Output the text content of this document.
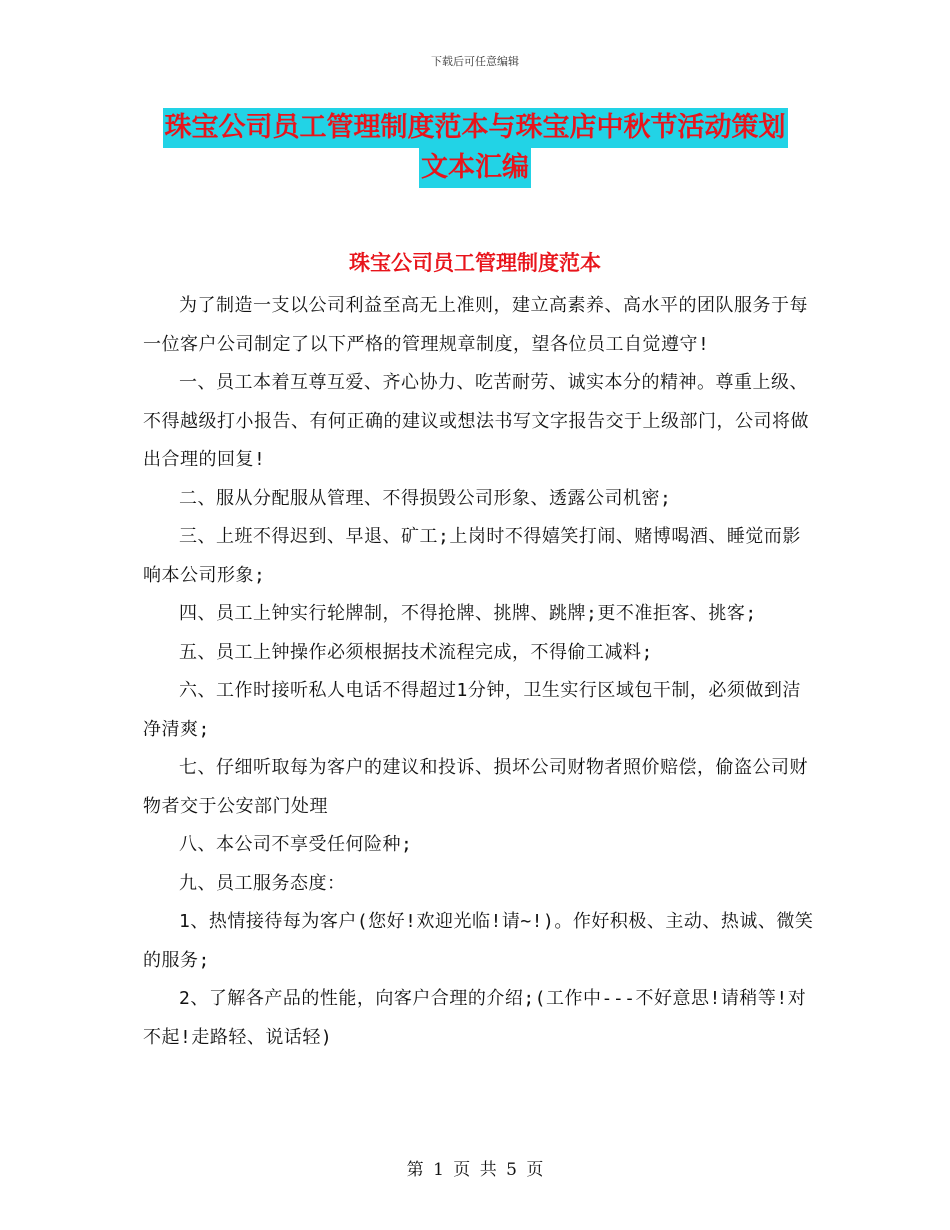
下载后可任意编辑
珠宝公司员工管理制度范本与珠宝店中秋节活动策划
文本汇编
珠宝公司员工管理制度范本

为了制造一支以公司利益至高无上准则，建立高素养、高水平的团队服务于每一位客户公司制定了以下严格的管理规章制度，望各位员工自觉遵守!

一、员工本着互尊互爱、齐心协力、吃苦耐劳、诚实本分的精神。尊重上级、不得越级打小报告、有何正确的建议或想法书写文字报告交于上级部门，公司将做出合理的回复!

二、服从分配服从管理、不得损毁公司形象、透露公司机密;

三、上班不得迟到、早退、矿工;上岗时不得嬉笑打闹、赌博喝酒、睡觉而影响本公司形象;

四、员工上钟实行轮牌制，不得抢牌、挑牌、跳牌;更不准拒客、挑客;

五、员工上钟操作必须根据技术流程完成，不得偷工减料;

六、工作时接听私人电话不得超过1分钟，卫生实行区域包干制，必须做到洁净清爽;

七、仔细听取每为客户的建议和投诉、损坏公司财物者照价赔偿，偷盗公司财物者交于公安部门处理

八、本公司不享受任何险种;

九、员工服务态度：

1、热情接待每为客户(您好!欢迎光临!请~!)。作好积极、主动、热诚、微笑的服务;

2、了解各产品的性能，向客户合理的介绍;(工作中---不好意思!请稍等!对不起!走路轻、说话轻)

第 1 页 共 5 页
